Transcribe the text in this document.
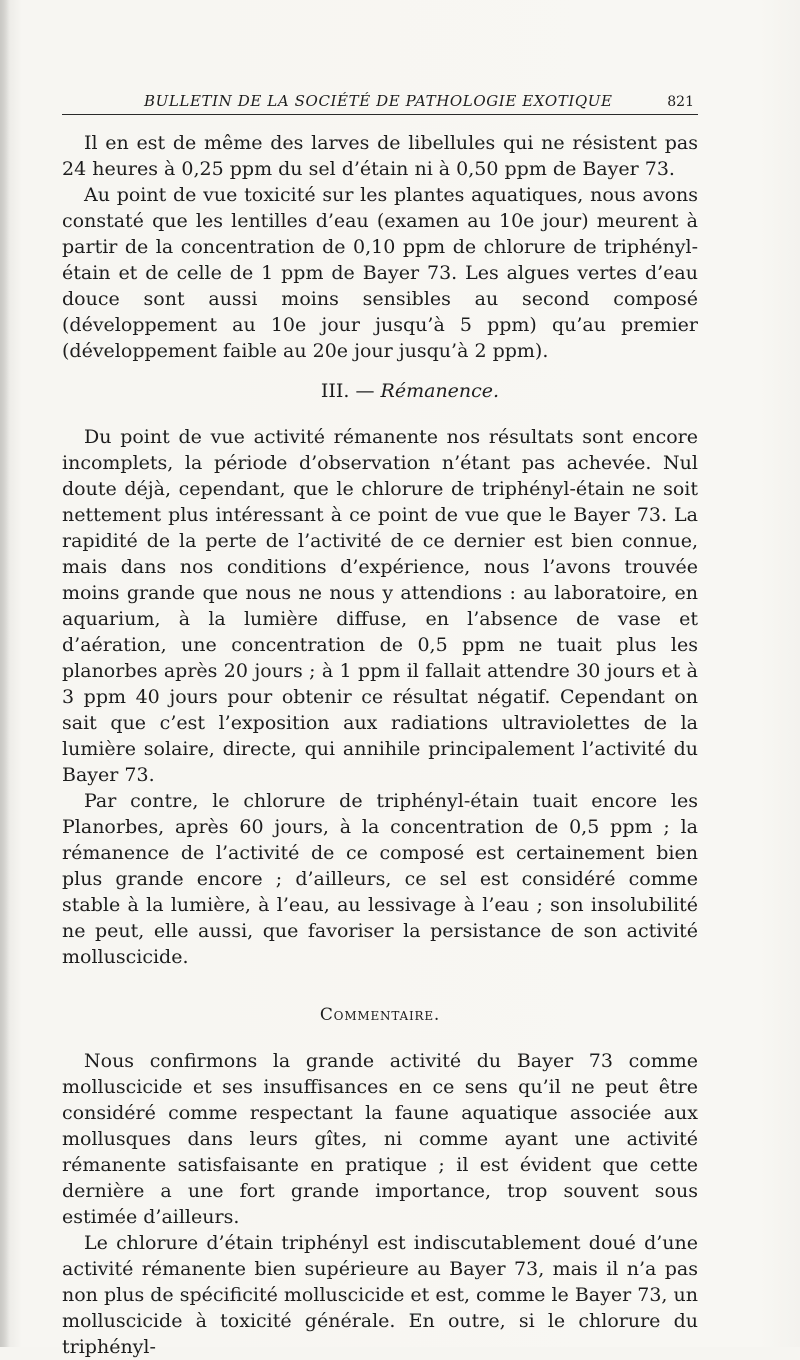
BULLETIN DE LA SOCIÉTÉ DE PATHOLOGIE EXOTIQUE	821

Il en est de même des larves de libellules qui ne résistent pas 24 heures à 0,25 ppm du sel d’étain ni à 0,50 ppm de Bayer 73.

Au point de vue toxicité sur les plantes aquatiques, nous avons constaté que les lentilles d’eau (examen au 10e jour) meurent à partir de la concentration de 0,10 ppm de chlorure de triphényl-étain et de celle de 1 ppm de Bayer 73. Les algues vertes d’eau douce sont aussi moins sensibles au second composé (développement au 10e jour jusqu’à 5 ppm) qu’au premier (développement faible au 20e jour jusqu’à 2 ppm).

III. — Rémanence.

Du point de vue activité rémanente nos résultats sont encore incomplets, la période d’observation n’étant pas achevée. Nul doute déjà, cependant, que le chlorure de triphényl-étain ne soit nettement plus intéressant à ce point de vue que le Bayer 73. La rapidité de la perte de l’activité de ce dernier est bien connue, mais dans nos conditions d’expérience, nous l’avons trouvée moins grande que nous ne nous y attendions : au laboratoire, en aquarium, à la lumière diffuse, en l’absence de vase et d’aération, une concentration de 0,5 ppm ne tuait plus les planorbes après 20 jours ; à 1 ppm il fallait attendre 30 jours et à 3 ppm 40 jours pour obtenir ce résultat négatif. Cependant on sait que c’est l’exposition aux radiations ultraviolettes de la lumière solaire, directe, qui annihile principalement l’activité du Bayer 73.

Par contre, le chlorure de triphényl-étain tuait encore les Planorbes, après 60 jours, à la concentration de 0,5 ppm ; la rémanence de l’activité de ce composé est certainement bien plus grande encore ; d’ailleurs, ce sel est considéré comme stable à la lumière, à l’eau, au lessivage à l’eau ; son insolubilité ne peut, elle aussi, que favoriser la persistance de son activité molluscicide.

Commentaire.

Nous confirmons la grande activité du Bayer 73 comme molluscicide et ses insuffisances en ce sens qu’il ne peut être considéré comme respectant la faune aquatique associée aux mollusques dans leurs gîtes, ni comme ayant une activité rémanente satisfaisante en pratique ; il est évident que cette dernière a une fort grande importance, trop souvent sous estimée d’ailleurs.

Le chlorure d’étain triphényl est indiscutablement doué d’une activité rémanente bien supérieure au Bayer 73, mais il n’a pas non plus de spécificité molluscicide et est, comme le Bayer 73, un molluscicide à toxicité générale. En outre, si le chlorure du triphényl-
